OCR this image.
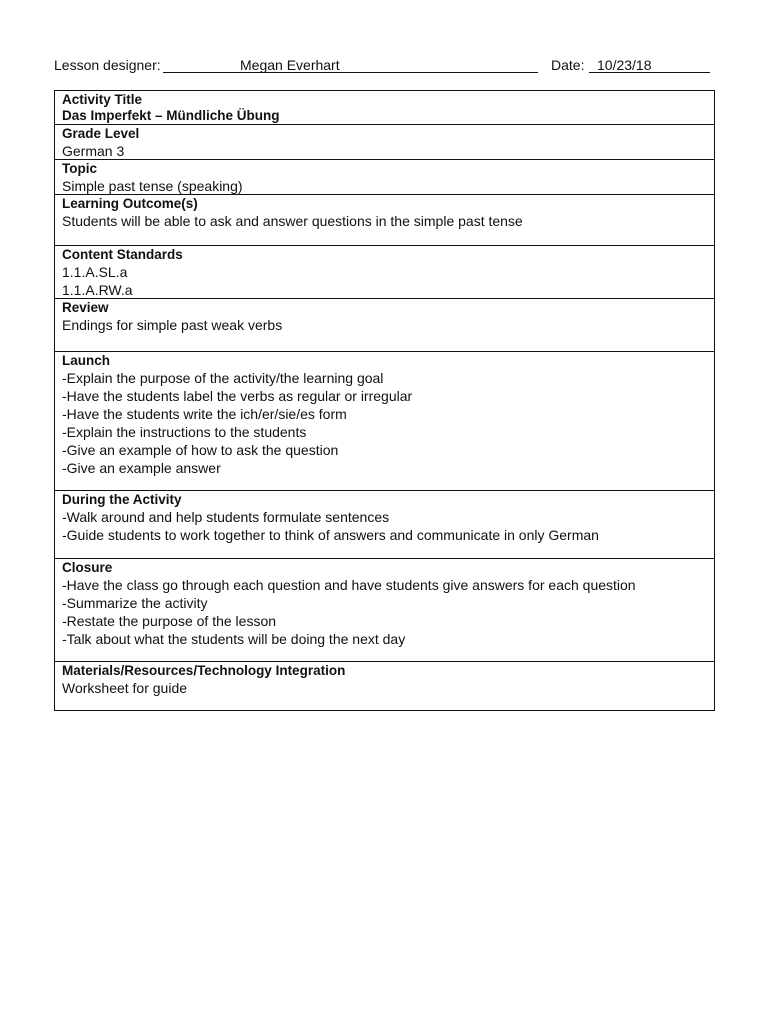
Lesson designer:	Megan Everhart	Date: 10/23/18
Activity Title
Das Imperfekt – Mündliche Übung
Grade Level
German 3
Topic
Simple past tense (speaking)
Learning Outcome(s)
Students will be able to ask and answer questions in the simple past tense
Content Standards
1.1.A.SL.a
1.1.A.RW.a
Review
Endings for simple past weak verbs
Launch
-Explain the purpose of the activity/the learning goal
-Have the students label the verbs as regular or irregular
-Have the students write the ich/er/sie/es form
-Explain the instructions to the students
-Give an example of how to ask the question
-Give an example answer
During the Activity
-Walk around and help students formulate sentences
-Guide students to work together to think of answers and communicate in only German
Closure
-Have the class go through each question and have students give answers for each question
-Summarize the activity
-Restate the purpose of the lesson
-Talk about what the students will be doing the next day
Materials/Resources/Technology Integration
Worksheet for guide
